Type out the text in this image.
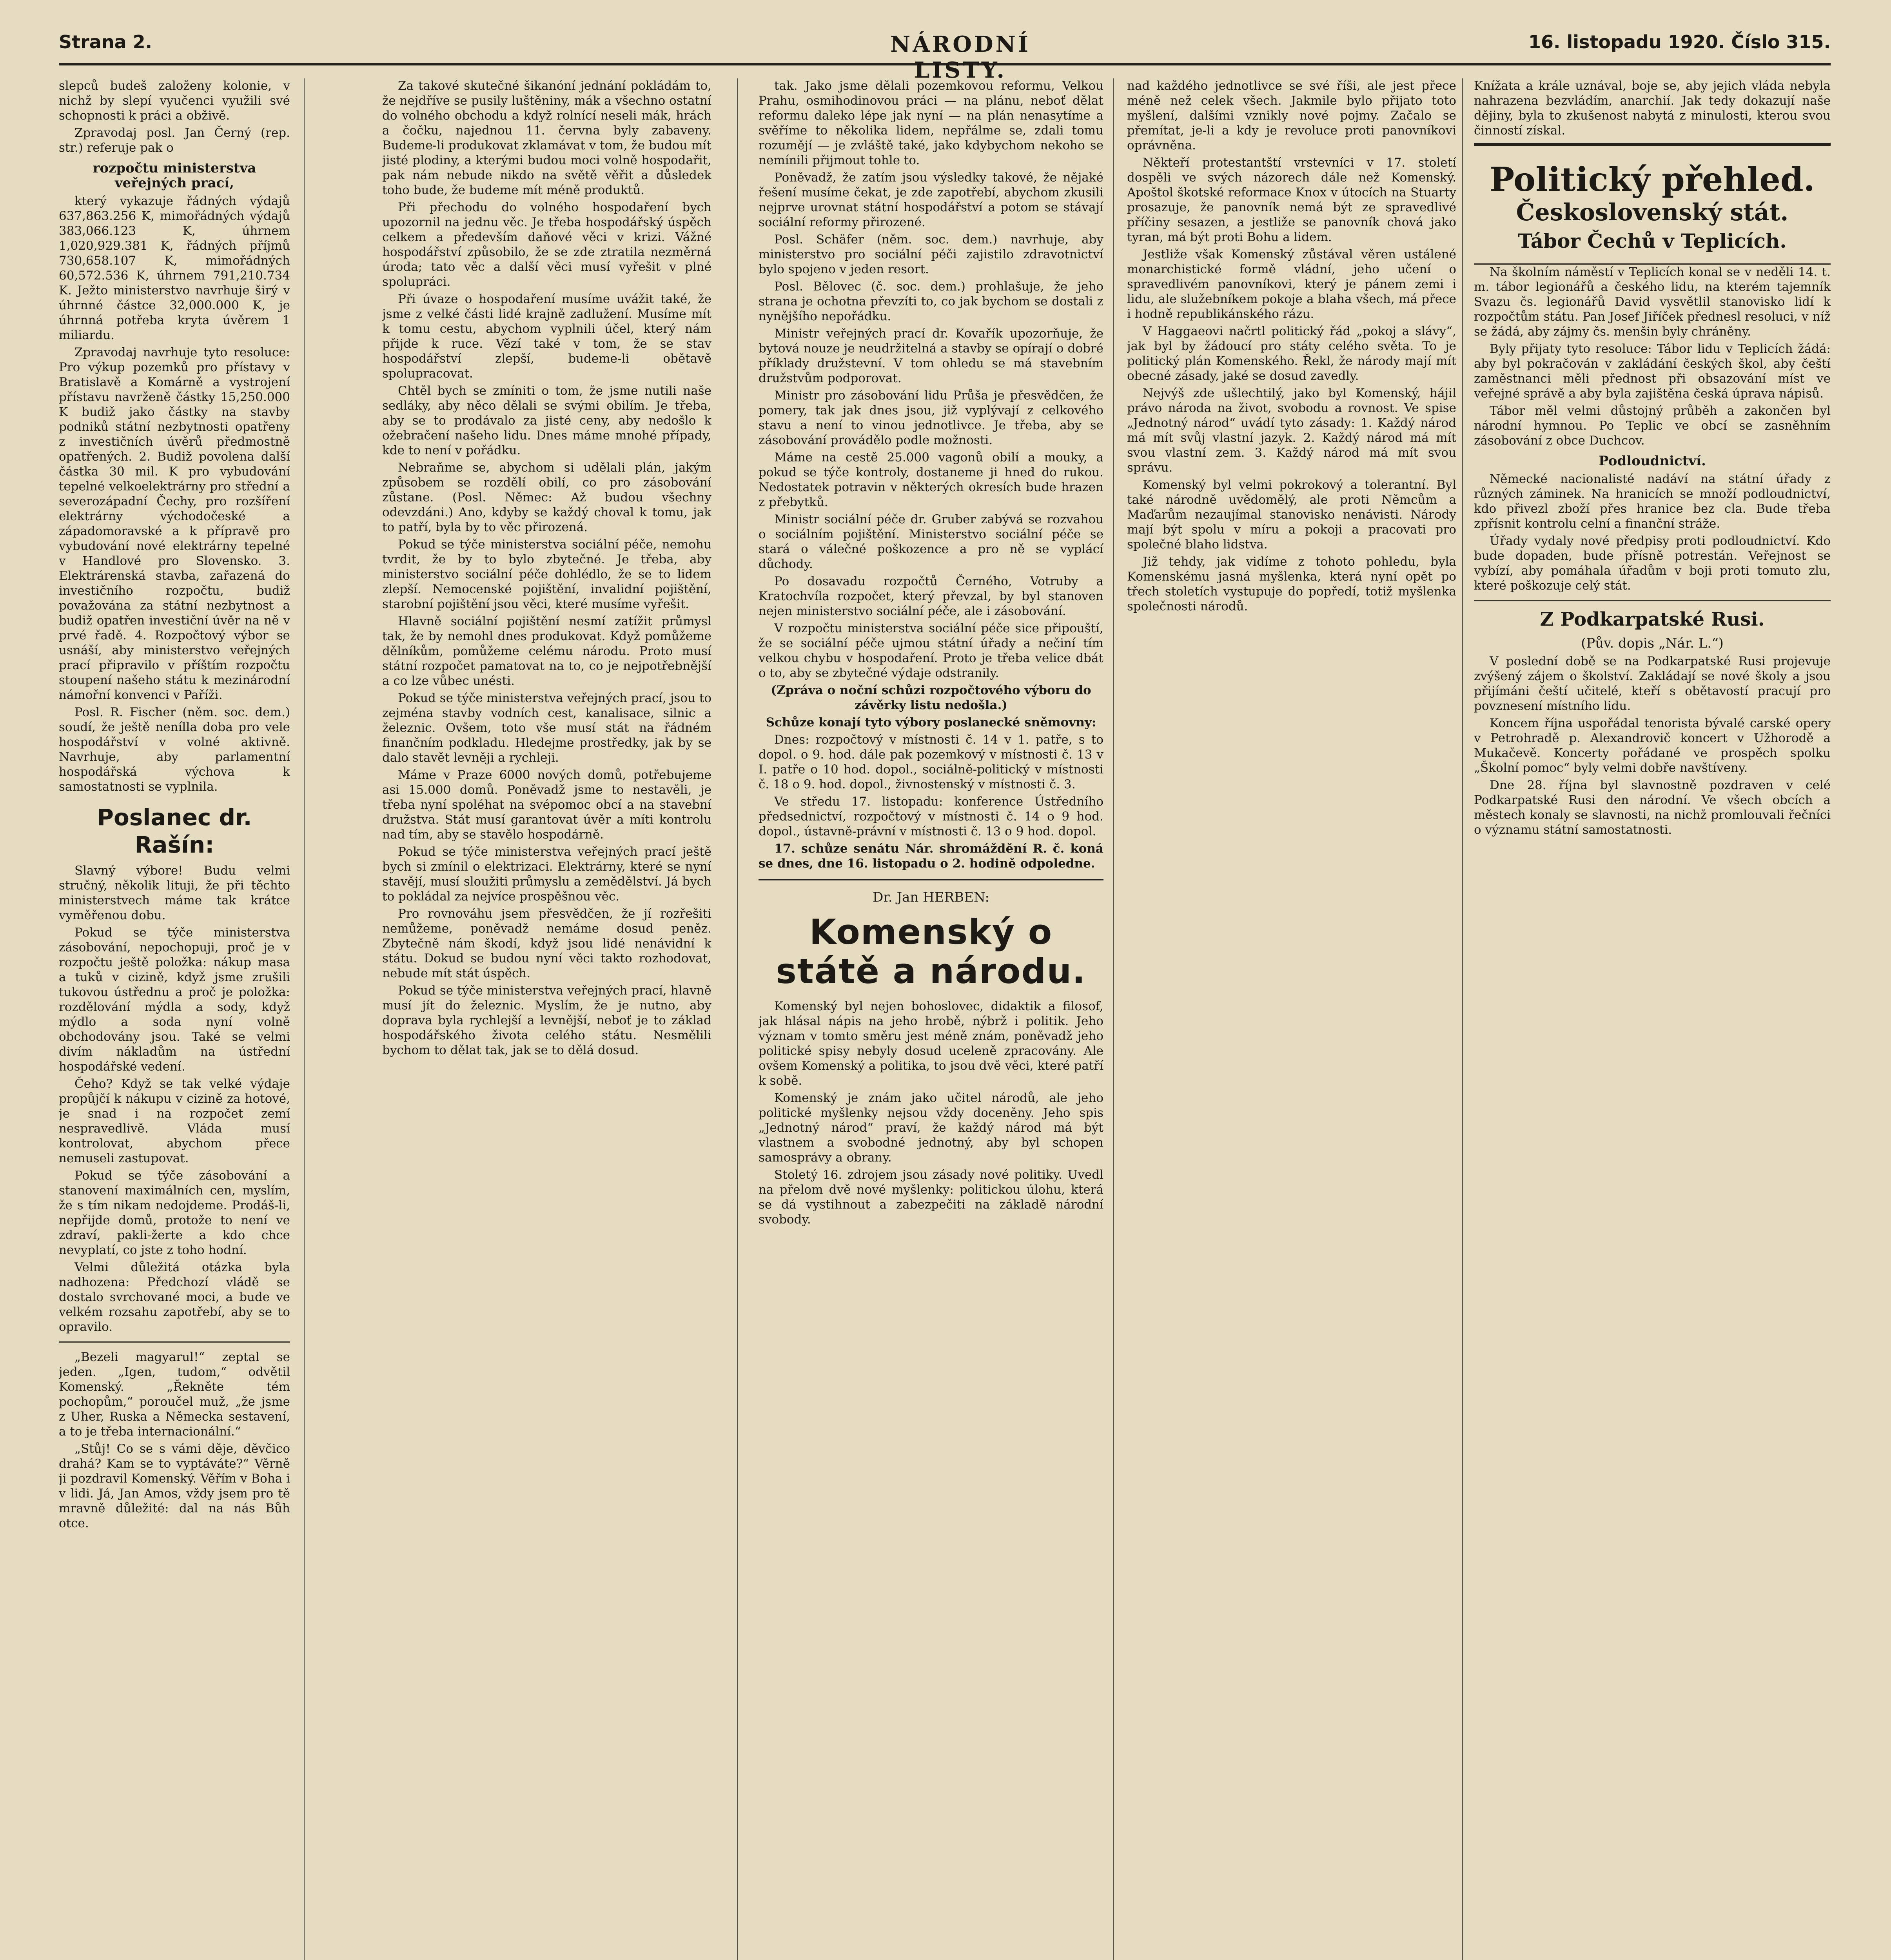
Strana 2.	NÁRODNÍ LISTY.
16. listopadu 1920. Číslo 315.

slepců budeš založeny kolonie, v nichž by slepí vyučenci využili své schopnosti k práci a obživě.

Zpravodaj posl. Jan Černý (rep. str.) referuje pak o

rozpočtu ministerstva veřejných prací,

který vykazuje řádných výdajů 637,863.256 K, mimořádných výdajů 383,066.123 K, úhrnem 1,020,929.381 K, řádných příjmů 730,658.107 K, mimořádných 60,572.536 K, úhrnem 791,210.734 K. Ježto ministerstvo navrhuje širý v úhrnné částce 32,000.000 K, je úhrnná potřeba kryta úvěrem 1 miliardu.

Zpravodaj navrhuje tyto resoluce: Pro výkup pozemků pro přístavy v Bratislavě a Komárně a vystrojení přístavu navrženě částky 15,250.000 K budiž jako částky na stavby podniků státní nezbytnosti opatřeny z investičních úvěrů předmostně opatřených. 2. Budiž povolena další částka 30 mil. K pro vybudování tepelné velkoelektrárny pro střední a severozápadní Čechy, pro rozšíření elektrárny východočeské a západomoravské a k přípravě pro vybudování nové elektrárny tepelné v Handlové pro Slovensko. 3. Elektrárenská stavba, zařazená do investičního rozpočtu, budiž považována za státní nezbytnost a budiž opatřen investiční úvěr na ně v prvé řadě. 4. Rozpočtový výbor se usnáší, aby ministerstvo veřejných prací připravilo v příštím rozpočtu stoupení našeho státu k mezinárodní námořní konvenci v Paříži.

Posl. R. Fischer (něm. soc. dem.) soudí, že ještě nenílla doba pro vele hospodářství v volné aktivně. Navrhuje, aby parlamentní hospodářská výchova k samostatnosti se vyplnila.

Poslanec dr. Rašín:

Slavný výbore! Budu velmi stručný, několik lituji, že při těchto ministerstvech máme tak krátce vyměřenou dobu.

Pokud se týče ministerstva zásobování, nepochopuji, proč je v rozpočtu ještě položka: nákup masa a tuků v cizině, když jsme zrušili tukovou ústřednu a proč je položka: rozdělování mýdla a sody, když mýdlo a soda nyní volně obchodovány jsou. Také se velmi divím nákladům na ústřední hospodářské vedení.

Čeho? Když se tak velké výdaje propůjčí k nákupu v cizině za hotové, je snad i na rozpočet zemí nespravedlivě. Vláda musí kontrolovat, abychom přece nemuseli zastupovat.

Pokud se týče zásobování a stanovení maximálních cen, myslím, že s tím nikam nedojdeme. Prodáš-li, nepřijde domů, protože to není ve zdraví, pakli-žerte a kdo chce nevyplatí, co jste z toho hodní.

Velmi důležitá otázka byla nadhozena: Předchozí vládě se dostalo svrchované moci, a bude ve velkém rozsahu zapotřebí, aby se to opravilo.

„Bezeli magyarul!“ zeptal se jeden. „Igen, tudom,“ odvětil Komenský. „Řekněte tém pochopům,“ poroučel muž, „že jsme z Uher, Ruska a Německa sestavení, a to je třeba internacionální.“

„Stůj! Co se s vámi děje, děvčico drahá? Kam se to vyptáváte?“ Věrně ji pozdravil Komenský. Věřím v Boha i v lidi. Já, Jan Amos, vždy jsem pro tě mravně důležité: dal na nás Bůh otce.

Za takové skutečné šikanóní jednání pokládám to, že nejdříve se pusily luštěniny, mák a všechno ostatní do volného obchodu a když rolnící neseli mák, hrách a čočku, najednou 11. června byly zabaveny. Budeme-li produkovat zklamávat v tom, že budou mít jisté plodiny, a kterými budou moci volně hospodařit, pak nám nebude nikdo na světě věřit a důsledek toho bude, že budeme mít méně produktů.

Při přechodu do volného hospodaření bych upozornil na jednu věc. Je třeba hospodářský úspěch celkem a především daňové věci v krizi. Vážné hospodářství způsobilo, že se zde ztratila nezměrná úroda; tato věc a další věci musí vyřešit v plné spolupráci.

Při úvaze o hospodaření musíme uvážit také, že jsme z velké části lidé krajně zadlužení. Musíme mít k tomu cestu, abychom vyplnili účel, který nám přijde k ruce. Vězí také v tom, že se stav hospodářství zlepší, budeme-li obětavě spolupracovat.

Chtěl bych se zmíniti o tom, že jsme nutili naše sedláky, aby něco dělali se svými obilím. Je třeba, aby se to prodávalo za jisté ceny, aby nedošlo k ožebračení našeho lidu. Dnes máme mnohé případy, kde to není v pořádku.

Nebraňme se, abychom si udělali plán, jakým způsobem se rozdělí obilí, co pro zásobování zůstane. (Posl. Němec: Až budou všechny odevzdáni.) Ano, kdyby se každý choval k tomu, jak to patří, byla by to věc přirozená.

Pokud se týče ministerstva sociální péče, nemohu tvrdit, že by to bylo zbytečné. Je třeba, aby ministerstvo sociální péče dohlédlo, že se to lidem zlepší. Nemocenské pojištění, invalidní pojištění, starobní pojištění jsou věci, které musíme vyřešit.

Hlavně sociální pojištění nesmí zatížit průmysl tak, že by nemohl dnes produkovat. Když pomůžeme dělníkům, pomůžeme celému národu. Proto musí státní rozpočet pamatovat na to, co je nejpotřebnější a co lze vůbec unésti.

Pokud se týče ministerstva veřejných prací, jsou to zejména stavby vodních cest, kanalisace, silnic a železnic. Ovšem, toto vše musí stát na řádném finančním podkladu. Hledejme prostředky, jak by se dalo stavět levněji a rychleji.

Máme v Praze 6000 nových domů, potřebujeme asi 15.000 domů. Poněvadž jsme to nestavěli, je třeba nyní spoléhat na svépomoc obcí a na stavební družstva. Stát musí garantovat úvěr a míti kontrolu nad tím, aby se stavělo hospodárně.

Pokud se týče ministerstva veřejných prací ještě bych si zmínil o elektrizaci. Elektrárny, které se nyní stavějí, musí sloužiti průmyslu a zemědělství. Já bych to pokládal za nejvíce prospěšnou věc.

Pro rovnováhu jsem přesvědčen, že jí rozřešiti nemůžeme, poněvadž nemáme dosud peněz. Zbytečně nám škodí, když jsou lidé nenávidní k státu. Dokud se budou nyní věci takto rozhodovat, nebude mít stát úspěch.

Pokud se týče ministerstva veřejných prací, hlavně musí jít do železnic. Myslím, že je nutno, aby doprava byla rychlejší a levnější, neboť je to základ hospodářského života celého státu. Nesmělili bychom to dělat tak, jak se to dělá dosud.

tak. Jako jsme dělali pozemkovou reformu, Velkou Prahu, osmihodinovou práci — na plánu, neboť dělat reformu daleko lépe jak nyní — na plán nenasytíme a svěříme to několika lidem, nepřálme se, zdali tomu rozumějí — je zvláště také, jako kdybychom nekoho se nemínili přijmout tohle to.

Poněvadž, že zatím jsou výsledky takové, že nějaké řešení musíme čekat, je zde zapotřebí, abychom zkusili nejprve urovnat státní hospodářství a potom se stávají sociální reformy přirozené.

Posl. Schäfer (něm. soc. dem.) navrhuje, aby ministerstvo pro sociální péči zajistilo zdravotnictví bylo spojeno v jeden resort.

Posl. Bělovec (č. soc. dem.) prohlašuje, že jeho strana je ochotna převzíti to, co jak bychom se dostali z nynějšího nepořádku.

Ministr veřejných prací dr. Kovařík upozorňuje, že bytová nouze je neudržitelná a stavby se opírají o dobré příklady družstevní. V tom ohledu se má stavebním družstvům podporovat.

Ministr pro zásobování lidu Průša je přesvědčen, že pomery, tak jak dnes jsou, již vyplývají z celkového stavu a není to vinou jednotlivce. Je třeba, aby se zásobování provádělo podle možnosti.

Máme na cestě 25.000 vagonů obilí a mouky, a pokud se týče kontroly, dostaneme ji hned do rukou. Nedostatek potravin v některých okresích bude hrazen z přebytků.

Ministr sociální péče dr. Gruber zabývá se rozvahou o sociálním pojištění. Ministerstvo sociální péče se stará o válečné poškozence a pro ně se vyplácí důchody.

Po dosavadu rozpočtů Černého, Votruby a Kratochvíla rozpočet, který převzal, by byl stanoven nejen ministerstvo sociální péče, ale i zásobování.

V rozpočtu ministerstva sociální péče sice připouští, že se sociální péče ujmou státní úřady a nečiní tím velkou chybu v hospodaření. Proto je třeba velice dbát o to, aby se zbytečné výdaje odstranily.

(Zpráva o noční schůzi rozpočtového výboru do závěrky listu nedošla.)

Schůze konají tyto výbory poslanecké sněmovny:

Dnes: rozpočtový v místnosti č. 14 v 1. patře, s to dopol. o 9. hod. dále pak pozemkový v místnosti č. 13 v I. patře o 10 hod. dopol., sociálně-politický v místnosti č. 18 o 9. hod. dopol., živnostenský v místnosti č. 3.

Ve středu 17. listopadu: konference Ústředního předsednictví, rozpočtový v místnosti č. 14 o 9 hod. dopol., ústavně-právní v místnosti č. 13 o 9 hod. dopol.

17. schůze senátu Nár. shromáždění R. č. koná se dnes, dne 16. listopadu o 2. hodině odpoledne.

Dr. Jan HERBEN:
Komenský o státě a národu.

Komenský byl nejen bohoslovec, didaktik a filosof, jak hlásal nápis na jeho hrobě, nýbrž i politik. Jeho význam v tomto směru jest méně znám, poněvadž jeho politické spisy nebyly dosud uceleně zpracovány. Ale ovšem Komenský a politika, to jsou dvě věci, které patří k sobě.

Komenský je znám jako učitel národů, ale jeho politické myšlenky nejsou vždy doceněny. Jeho spis „Jednotný národ“ praví, že každý národ má být vlastnem a svobodné jednotný, aby byl schopen samosprávy a obrany.

Stoletý 16. zdrojem jsou zásady nové politiky. Uvedl na přelom dvě nové myšlenky: politickou úlohu, která se dá vystihnout a zabezpečiti na základě národní svobody.

nad každého jednotlivce se své říši, ale jest přece méně než celek všech. Jakmile bylo přijato toto myšlení, dalšími vznikly nové pojmy. Začalo se přemítat, je-li a kdy je revoluce proti panovníkovi oprávněna.

Někteří protestantští vrstevníci v 17. století dospěli ve svých názorech dále než Komenský. Apoštol škotské reformace Knox v útocích na Stuarty prosazuje, že panovník nemá být ze spravedlivé příčiny sesazen, a jestliže se panovník chová jako tyran, má být proti Bohu a lidem.

Jestliže však Komenský zůstával věren ustálené monarchistické formě vládní, jeho učení o spravedlivém panovníkovi, který je pánem zemi i lidu, ale služebníkem pokoje a blaha všech, má přece i hodně republikánského rázu.

V Haggaeovi načrtl politický řád „pokoj a slávy“, jak byl by žádoucí pro státy celého světa. To je politický plán Komenského. Řekl, že národy mají mít obecné zásady, jaké se dosud zavedly.

Nejvýš zde ušlechtilý, jako byl Komenský, hájil právo národa na život, svobodu a rovnost. Ve spise „Jednotný národ“ uvádí tyto zásady: 1. Každý národ má mít svůj vlastní jazyk. 2. Každý národ má mít svou vlastní zem. 3. Každý národ má mít svou správu.

Komenský byl velmi pokrokový a tolerantní. Byl také národně uvědomělý, ale proti Němcům a Maďarům nezaujímal stanovisko nenávisti. Národy mají být spolu v míru a pokoji a pracovati pro společné blaho lidstva.

Již tehdy, jak vidíme z tohoto pohledu, byla Komenskému jasná myšlenka, která nyní opět po třech stoletích vystupuje do popředí, totiž myšlenka společnosti národů.

Knížata a krále uznával, boje se, aby jejich vláda nebyla nahrazena bezvládím, anarchií. Jak tedy dokazují naše dějiny, byla to zkušenost nabytá z minulosti, kterou svou činností získal.

Politický přehled.
Československý stát.
Tábor Čechů v Teplicích.

Na školním náměstí v Teplicích konal se v neděli 14. t. m. tábor legionářů a českého lidu, na kterém tajemník Svazu čs. legionářů David vysvětlil stanovisko lidí k rozpočtům státu. Pan Josef Jiříček přednesl resoluci, v níž se žádá, aby zájmy čs. menšin byly chráněny.

Byly přijaty tyto resoluce: Tábor lidu v Teplicích žádá: aby byl pokračován v zakládání českých škol, aby čeští zaměstnanci měli přednost při obsazování míst ve veřejné správě a aby byla zajištěna česká úprava nápisů.

Tábor měl velmi důstojný průběh a zakončen byl národní hymnou. Po Teplic ve obcí se zasněhním zásobování z obce Duchcov.

Podloudnictví.

Německé nacionalisté nadáví na státní úřady z různých záminek. Na hranicích se množí podloudnictví, kdo přivezl zboží přes hranice bez cla. Bude třeba zpřísnit kontrolu celní a finanční stráže.

Úřady vydaly nové předpisy proti podloudnictví. Kdo bude dopaden, bude přísně potrestán. Veřejnost se vybízí, aby pomáhala úřadům v boji proti tomuto zlu, které poškozuje celý stát.

Z Podkarpatské Rusi.
(Pův. dopis „Nár. L.“)

V poslední době se na Podkarpatské Rusi projevuje zvýšený zájem o školství. Zakládají se nové školy a jsou přijímáni čeští učitelé, kteří s obětavostí pracují pro povznesení místního lidu.

Koncem října uspořádal tenorista bývalé carské opery v Petrohradě p. Alexandrovič koncert v Užhorodě a Mukačevě. Koncerty pořádané ve prospěch spolku „Školní pomoc“ byly velmi dobře navštíveny.

Dne 28. října byl slavnostně pozdraven v celé Podkarpatské Rusi den národní. Ve všech obcích a městech konaly se slavnosti, na nichž promlouvali řečníci o významu státní samostatnosti.
